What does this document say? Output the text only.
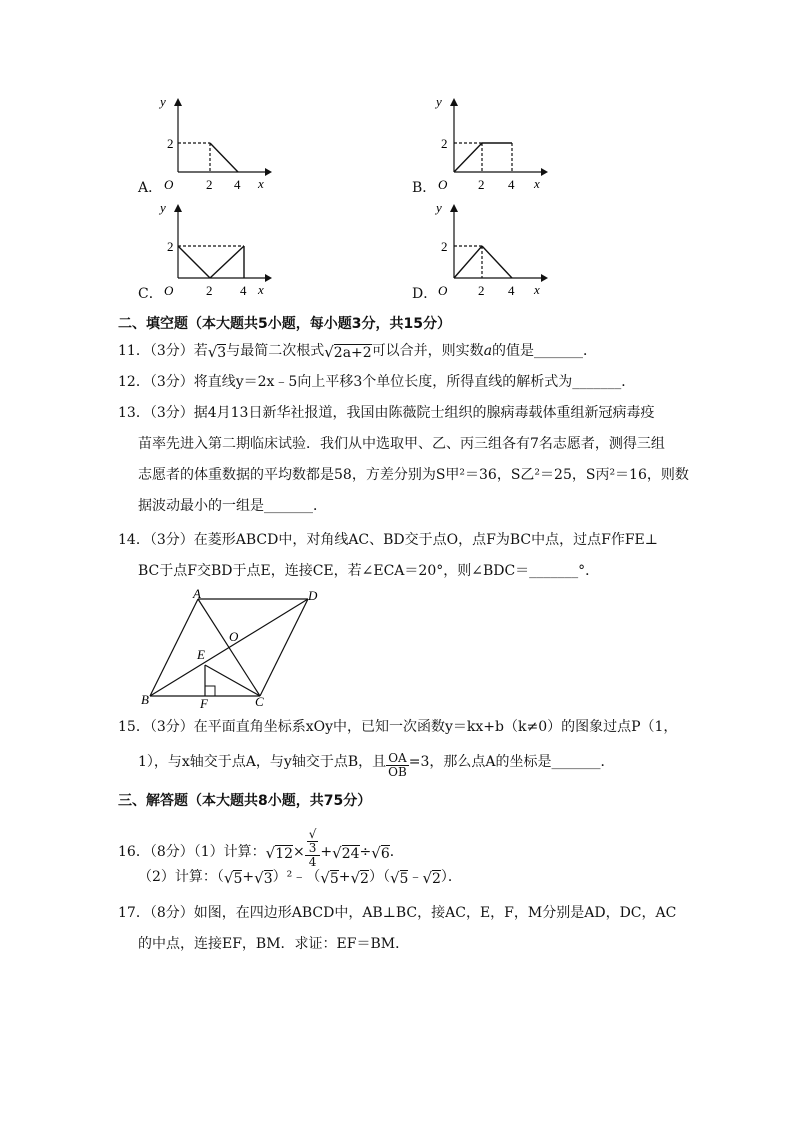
y
x
O
2
2 4
A．
y
x
O
2
2 4
B．
y
x
O
2
2 4
C．
y
x
O
2
2 4
D．
二、填空题（本大题共5小题，每小题3分，共15分）
11．（3分）若√3与最简二次根式√2a+2可以合并，则实数a的值是_______．
12．（3分）将直线y＝2x﹣5向上平移3个单位长度，所得直线的解析式为_______．
13．（3分）据4月13日新华社报道，我国由陈薇院士组织的腺病毒载体重组新冠病毒疫
苗率先进入第二期临床试验．我们从中选取甲、乙、丙三组各有7名志愿者，测得三组
志愿者的体重数据的平均数都是58，方差分别为S甲²＝36，S乙²＝25，S丙²＝16，则数
据波动最小的一组是_______．
14．（3分）在菱形ABCD中，对角线AC、BD交于点O，点F为BC中点，过点F作FE⊥
BC于点F交BD于点E，连接CE，若∠ECA＝20°，则∠BDC＝_______°．
A	D
B	C
O
E
F
15．（3分）在平面直角坐标系xOy中，已知一次函数y＝kx+b（k≠0）的图象过点P（1，
1），与x轴交于点A，与y轴交于点B，且 $\frac{OA}{OB} =3$，那么点A的坐标是_______．
三、解答题（本大题共8小题，共75分）
16．（8分）（1）计算：√12× √
3
4 +√24÷√6．
（2）计算：（√5+√3）²﹣（√5+√2）（√5﹣√2）．
17．（8分）如图，在四边形ABCD中，AB⊥BC，接AC，E，F，M分别是AD，DC，AC
的中点，连接EF，BM．求证：EF＝BM．
